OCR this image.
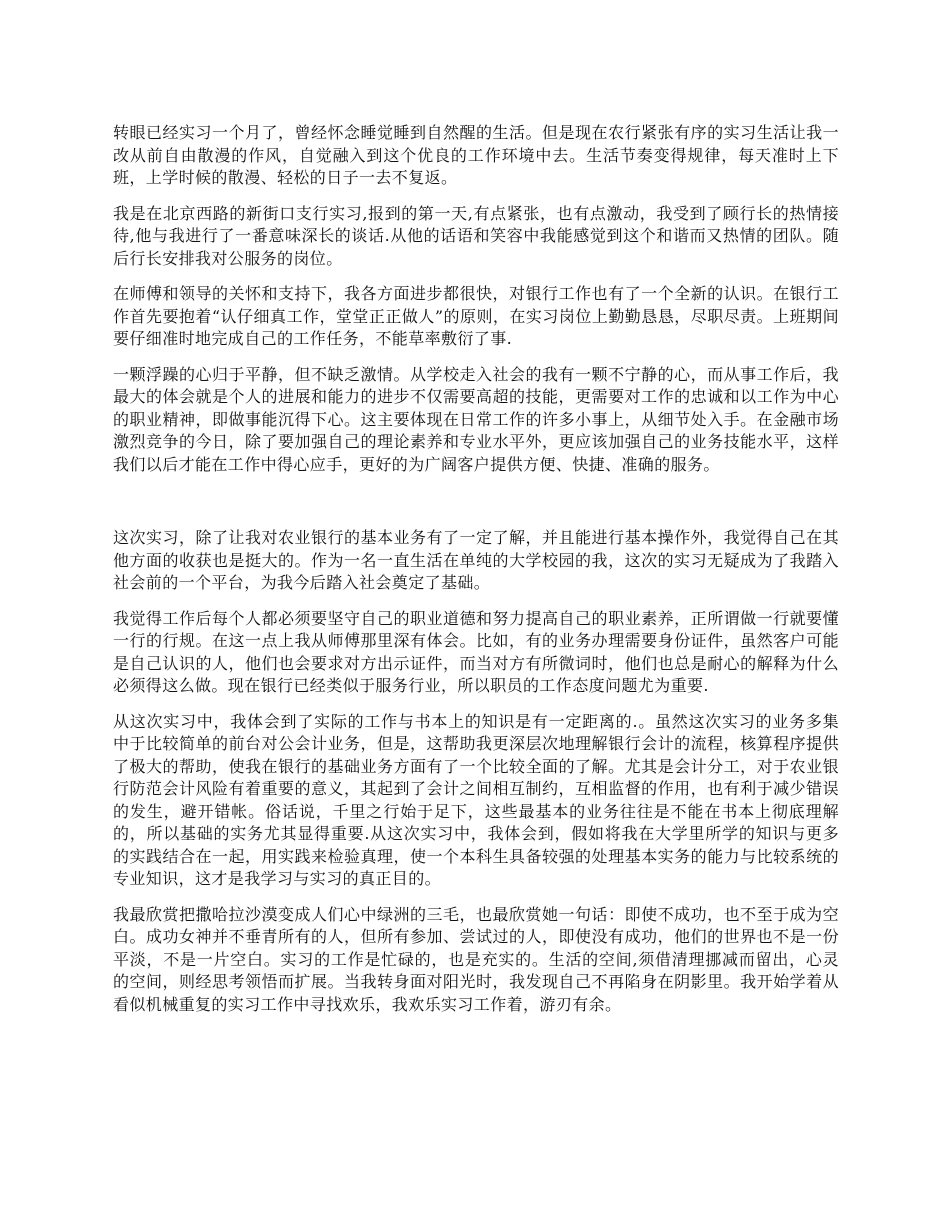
转眼已经实习一个月了，曾经怀念睡觉睡到自然醒的生活。但是现在农行紧张有序的实习生活让我一改从前自由散漫的作风，自觉融入到这个优良的工作环境中去。生活节奏变得规律，每天准时上下班，上学时候的散漫、轻松的日子一去不复返。

我是在北京西路的新街口支行实习,报到的第一天,有点紧张，也有点激动，我受到了顾行长的热情接待,他与我进行了一番意味深长的谈话.从他的话语和笑容中我能感觉到这个和谐而又热情的团队。随后行长安排我对公服务的岗位。

在师傅和领导的关怀和支持下，我各方面进步都很快，对银行工作也有了一个全新的认识。在银行工作首先要抱着“认仔细真工作，堂堂正正做人”的原则，在实习岗位上勤勤恳恳，尽职尽责。上班期间要仔细准时地完成自己的工作任务，不能草率敷衍了事.

一颗浮躁的心归于平静，但不缺乏激情。从学校走入社会的我有一颗不宁静的心，而从事工作后，我最大的体会就是个人的进展和能力的进步不仅需要高超的技能，更需要对工作的忠诚和以工作为中心的职业精神，即做事能沉得下心。这主要体现在日常工作的许多小事上，从细节处入手。在金融市场激烈竞争的今日，除了要加强自己的理论素养和专业水平外，更应该加强自己的业务技能水平，这样我们以后才能在工作中得心应手，更好的为广阔客户提供方便、快捷、准确的服务。

这次实习，除了让我对农业银行的基本业务有了一定了解，并且能进行基本操作外，我觉得自己在其他方面的收获也是挺大的。作为一名一直生活在单纯的大学校园的我，这次的实习无疑成为了我踏入社会前的一个平台，为我今后踏入社会奠定了基础。

我觉得工作后每个人都必须要坚守自己的职业道德和努力提高自己的职业素养，正所谓做一行就要懂一行的行规。在这一点上我从师傅那里深有体会。比如，有的业务办理需要身份证件，虽然客户可能是自己认识的人，他们也会要求对方出示证件，而当对方有所微词时，他们也总是耐心的解释为什么必须得这么做。现在银行已经类似于服务行业，所以职员的工作态度问题尤为重要.

从这次实习中，我体会到了实际的工作与书本上的知识是有一定距离的.。虽然这次实习的业务多集中于比较简单的前台对公会计业务，但是，这帮助我更深层次地理解银行会计的流程，核算程序提供了极大的帮助，使我在银行的基础业务方面有了一个比较全面的了解。尤其是会计分工，对于农业银行防范会计风险有着重要的意义，其起到了会计之间相互制约，互相监督的作用，也有利于减少错误的发生，避开错帐。俗话说，千里之行始于足下，这些最基本的业务往往是不能在书本上彻底理解的，所以基础的实务尤其显得重要.从这次实习中，我体会到，假如将我在大学里所学的知识与更多的实践结合在一起，用实践来检验真理，使一个本科生具备较强的处理基本实务的能力与比较系统的专业知识，这才是我学习与实习的真正目的。

我最欣赏把撒哈拉沙漠变成人们心中绿洲的三毛，也最欣赏她一句话：即使不成功，也不至于成为空白。成功女神并不垂青所有的人，但所有参加、尝试过的人，即使没有成功，他们的世界也不是一份平淡，不是一片空白。实习的工作是忙碌的，也是充实的。生活的空间,须借清理挪减而留出，心灵的空间，则经思考领悟而扩展。当我转身面对阳光时，我发现自己不再陷身在阴影里。我开始学着从看似机械重复的实习工作中寻找欢乐，我欢乐实习工作着，游刃有余。
